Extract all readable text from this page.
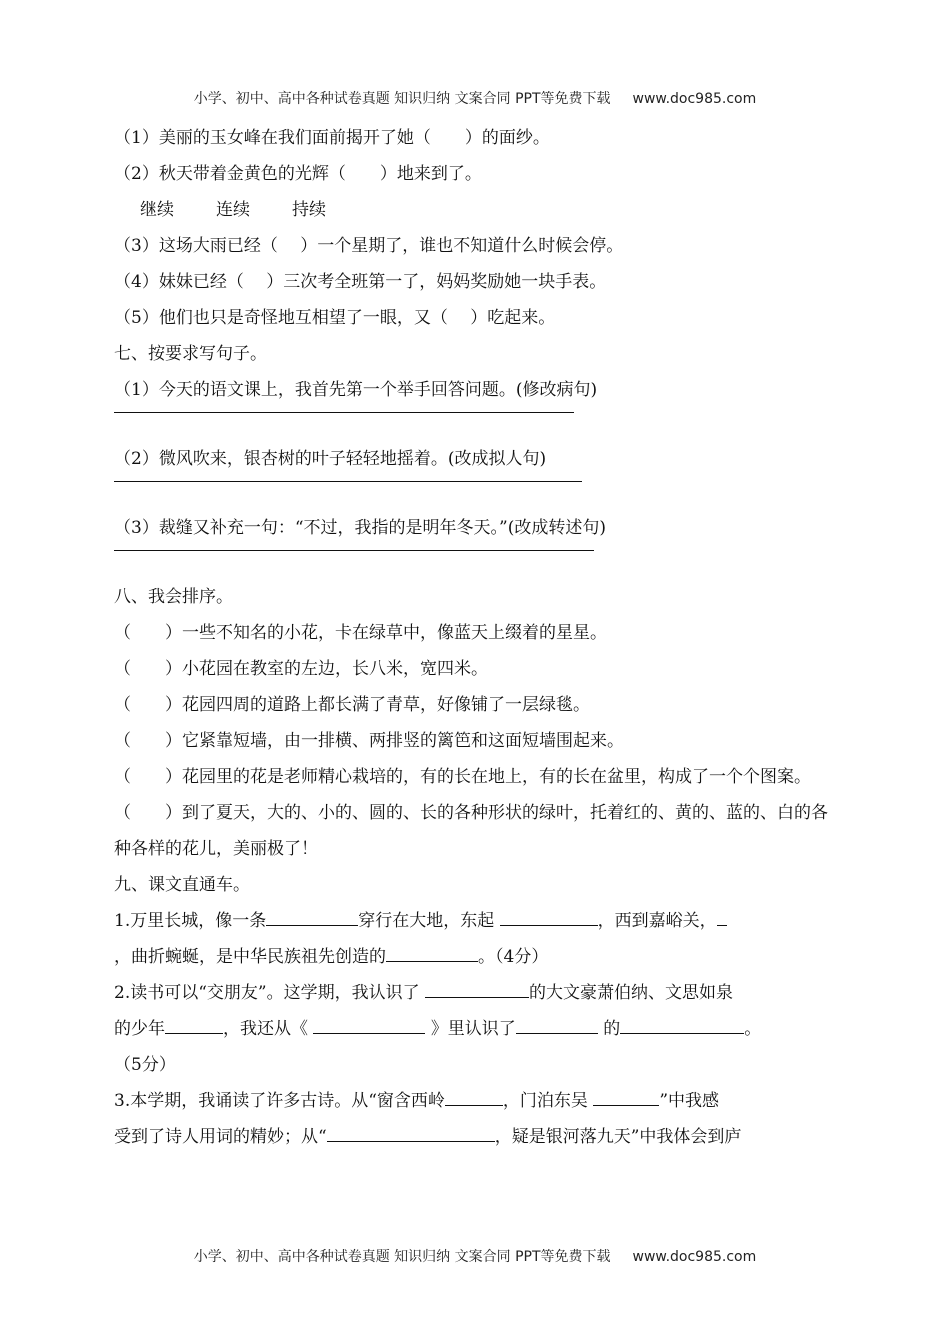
小学、初中、高中各种试卷真题 知识归纳 文案合同 PPT等免费下载 www.doc985.com
（1）美丽的玉女峰在我们面前揭开了她（　　）的面纱。
（2）秋天带着金黄色的光辉（　　）地来到了。
继续 连续 持续
（3）这场大雨已经（　 ）一个星期了，谁也不知道什么时候会停。
（4）妹妹已经（　 ）三次考全班第一了，妈妈奖励她一块手表。
（5）他们也只是奇怪地互相望了一眼，又（　 ）吃起来。
七、按要求写句子。
（1）今天的语文课上，我首先第一个举手回答问题。(修改病句)
（2）微风吹来，银杏树的叶子轻轻地摇着。(改成拟人句)
（3）裁缝又补充一句：“不过，我指的是明年冬天。”(改成转述句)
八、我会排序。
（　　）一些不知名的小花，卡在绿草中，像蓝天上缀着的星星。
（　　）小花园在教室的左边，长八米，宽四米。
（　　）花园四周的道路上都长满了青草，好像铺了一层绿毯。
（　　）它紧靠短墙，由一排横、两排竖的篱笆和这面短墙围起来。
（　　）花园里的花是老师精心栽培的，有的长在地上，有的长在盆里，构成了一个个图案。
（　　）到了夏天，大的、小的、圆的、长的各种形状的绿叶，托着红的、黄的、蓝的、白的各种各样的花儿，美丽极了！
九、课文直通车。
1.万里长城，像一条	穿行在大地，东起	，西到嘉峪关，
，曲折蜿蜒，是中华民族祖先创造的	。（4分）
2.读书可以“交朋友”。这学期，我认识了	的大文豪萧伯纳、文思如泉
的少年	，我还从《	》里认识了	的	。
（5分）
3.本学期，我诵读了许多古诗。从“窗含西岭	，门泊东吴	”中我感
受到了诗人用词的精妙；从“	，疑是银河落九天”中我体会到庐
小学、初中、高中各种试卷真题 知识归纳 文案合同 PPT等免费下载 www.doc985.com
